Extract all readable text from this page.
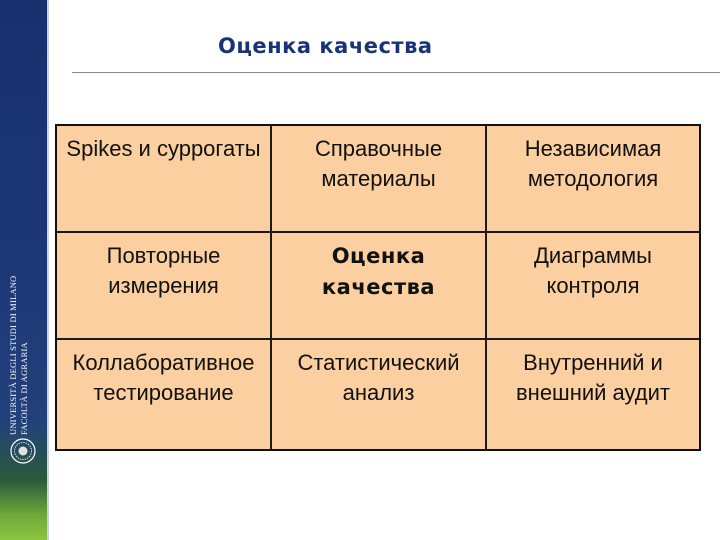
UNIVERSITÀ DEGLI STUDI DI MILANO FACOLTÀ DI AGRARIA
Оценка качества
Spikes и суррогаты	Справочные материалы
Независимая методология
Повторные измерения
Оценка качества
Диаграммы контроля
Коллаборативное тестирование
Статистический анализ
Внутренний и внешний аудит
